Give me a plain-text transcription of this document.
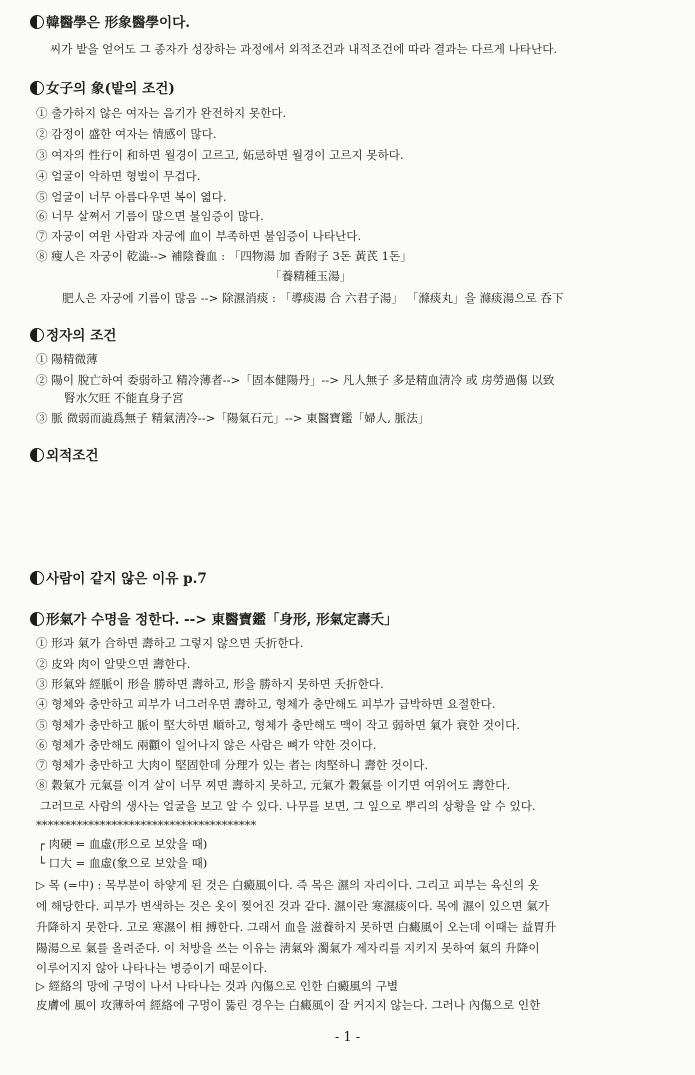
韓醫學은 形象醫學이다.
씨가 밭을 얻어도 그 종자가 성장하는 과정에서 외적조건과 내적조건에 따라 결과는 다르게 나타난다.
女子의 象(밭의 조건)
① 출가하지 않은 여자는 음기가 완전하지 못한다.
② 감정이 盛한 여자는 情感이 많다.
③ 여자의 性行이 和하면 월경이 고르고, 妬忌하면 월경이 고르지 못하다.
④ 얼굴이 악하면 형벌이 무겁다.
⑤ 얼굴이 너무 아름다우면 복이 엷다.
⑥ 너무 살쪄서 기름이 많으면 불임증이 많다.
⑦ 자궁이 여윈 사람과 자궁에 血이 부족하면 불임증이 나타난다.
⑧ 瘦人은 자궁이 乾澁--> 補陰養血 : 「四物湯 加 香附子 3돈 黃芪 1돈」
「養精種玉湯」
肥人은 자궁에 기름이 많음 --> 除濕消痰 : 「導痰湯 合 六君子湯」 「滌痰丸」을 滌痰湯으로 呑下
정자의 조건
① 陽精微薄
② 陽이 脫亡하여 委弱하고 精冷薄者-->「固本健陽丹」--> 凡人無子 多是精血淸冷 或 房勞過傷 以致
腎水欠旺 不能直身子宮
③ 脈 微弱而澁爲無子 精氣淸冷-->「陽氣石元」--> 東醫寶鑑「婦人, 脈法」
외적조건
사람이 같지 않은 이유 p.7
形氣가 수명을 정한다. --> 東醫寶鑑「身形, 形氣定壽夭」
① 形과 氣가 合하면 壽하고 그렇지 않으면 夭折한다.
② 皮와 肉이 알맞으면 壽한다.
③ 形氣와 經脈이 形을 勝하면 壽하고, 形을 勝하지 못하면 夭折한다.
④ 형체와 충만하고 피부가 너그러우면 壽하고, 형체가 충만해도 피부가 급박하면 요절한다.
⑤ 형체가 충만하고 脈이 堅大하면 順하고, 형체가 충만해도 맥이 작고 弱하면 氣가 衰한 것이다.
⑥ 형체가 충만해도 兩顴이 일어나지 않은 사람은 뼈가 약한 것이다.
⑦ 형체가 충만하고 大肉이 堅固한데 分理가 있는 者는 肉堅하니 壽한 것이다.
⑧ 穀氣가 元氣를 이겨 살이 너무 찌면 壽하지 못하고, 元氣가 穀氣를 이기면 여위어도 壽한다.
그러므로 사람의 생사는 얼굴을 보고 알 수 있다. 나무를 보면, 그 잎으로 뿌리의 상황을 알 수 있다.
**************************************
┌ 肉硬 = 血虛(形으로 보았을 때)
└ 口大 = 血虛(象으로 보았을 때)
▷ 목 (=中) : 목부분이 하얗게 된 것은 白癜風이다. 즉 목은 濕의 자리이다. 그리고 피부는 육신의 옷
에 해당한다. 피부가 변색하는 것은 옷이 찢어진 것과 같다. 濕이란 寒濕痰이다. 목에 濕이 있으면 氣가
升降하지 못한다. 고로 寒濕이 相 搏한다. 그래서 血을 滋養하지 못하면 白癜風이 오는데 이때는 益胃升
陽湯으로 氣를 올려준다. 이 처방을 쓰는 이유는 淸氣와 濁氣가 제자리를 지키지 못하여 氣의 升降이
이루어지지 않아 나타나는 병증이기 때문이다.
▷ 經絡의 망에 구멍이 나서 나타나는 것과 內傷으로 인한 白癜風의 구별
皮膚에 風이 攻薄하여 經絡에 구멍이 뚫린 경우는 白癜風이 잘 커지지 않는다. 그러나 內傷으로 인한
- 1 -
